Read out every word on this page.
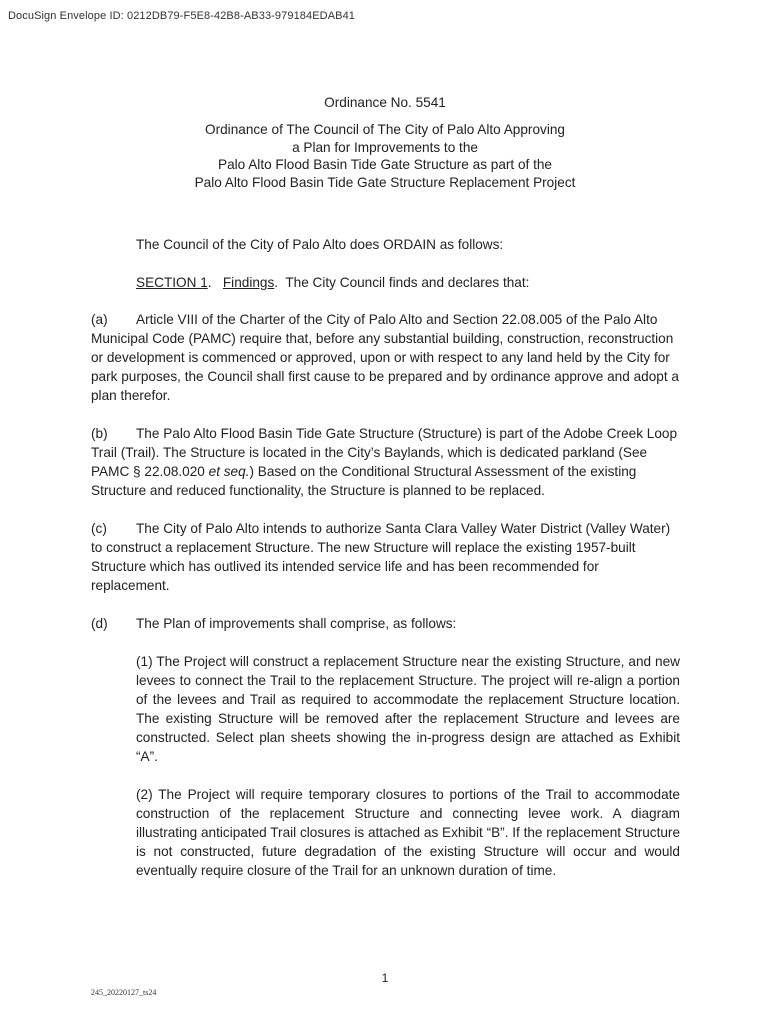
DocuSign Envelope ID: 0212DB79-F5E8-42B8-AB33-979184EDAB41
Ordinance No. 5541
Ordinance of The Council of The City of Palo Alto Approving
a Plan for Improvements to the
Palo Alto Flood Basin Tide Gate Structure as part of the
Palo Alto Flood Basin Tide Gate Structure Replacement Project
The Council of the City of Palo Alto does ORDAIN as follows:
SECTION 1.   Findings.  The City Council finds and declares that:
(a) Article VIII of the Charter of the City of Palo Alto and Section 22.08.005 of the Palo Alto Municipal Code (PAMC) require that, before any substantial building, construction, reconstruction or development is commenced or approved, upon or with respect to any land held by the City for park purposes, the Council shall first cause to be prepared and by ordinance approve and adopt a plan therefor.
(b) The Palo Alto Flood Basin Tide Gate Structure (Structure) is part of the Adobe Creek Loop Trail (Trail). The Structure is located in the City’s Baylands, which is dedicated parkland (See PAMC § 22.08.020 et seq.) Based on the Conditional Structural Assessment of the existing Structure and reduced functionality, the Structure is planned to be replaced.
(c) The City of Palo Alto intends to authorize Santa Clara Valley Water District (Valley Water) to construct a replacement Structure. The new Structure will replace the existing 1957-built Structure which has outlived its intended service life and has been recommended for replacement.
(d) The Plan of improvements shall comprise, as follows:
(1) The Project will construct a replacement Structure near the existing Structure, and new levees to connect the Trail to the replacement Structure. The project will re-align a portion of the levees and Trail as required to accommodate the replacement Structure location. The existing Structure will be removed after the replacement Structure and levees are constructed. Select plan sheets showing the in-progress design are attached as Exhibit “A”.
(2) The Project will require temporary closures to portions of the Trail to accommodate construction of the replacement Structure and connecting levee work. A diagram illustrating anticipated Trail closures is attached as Exhibit “B”. If the replacement Structure is not constructed, future degradation of the existing Structure will occur and would eventually require closure of the Trail for an unknown duration of time.
1
245_20220127_ts24
